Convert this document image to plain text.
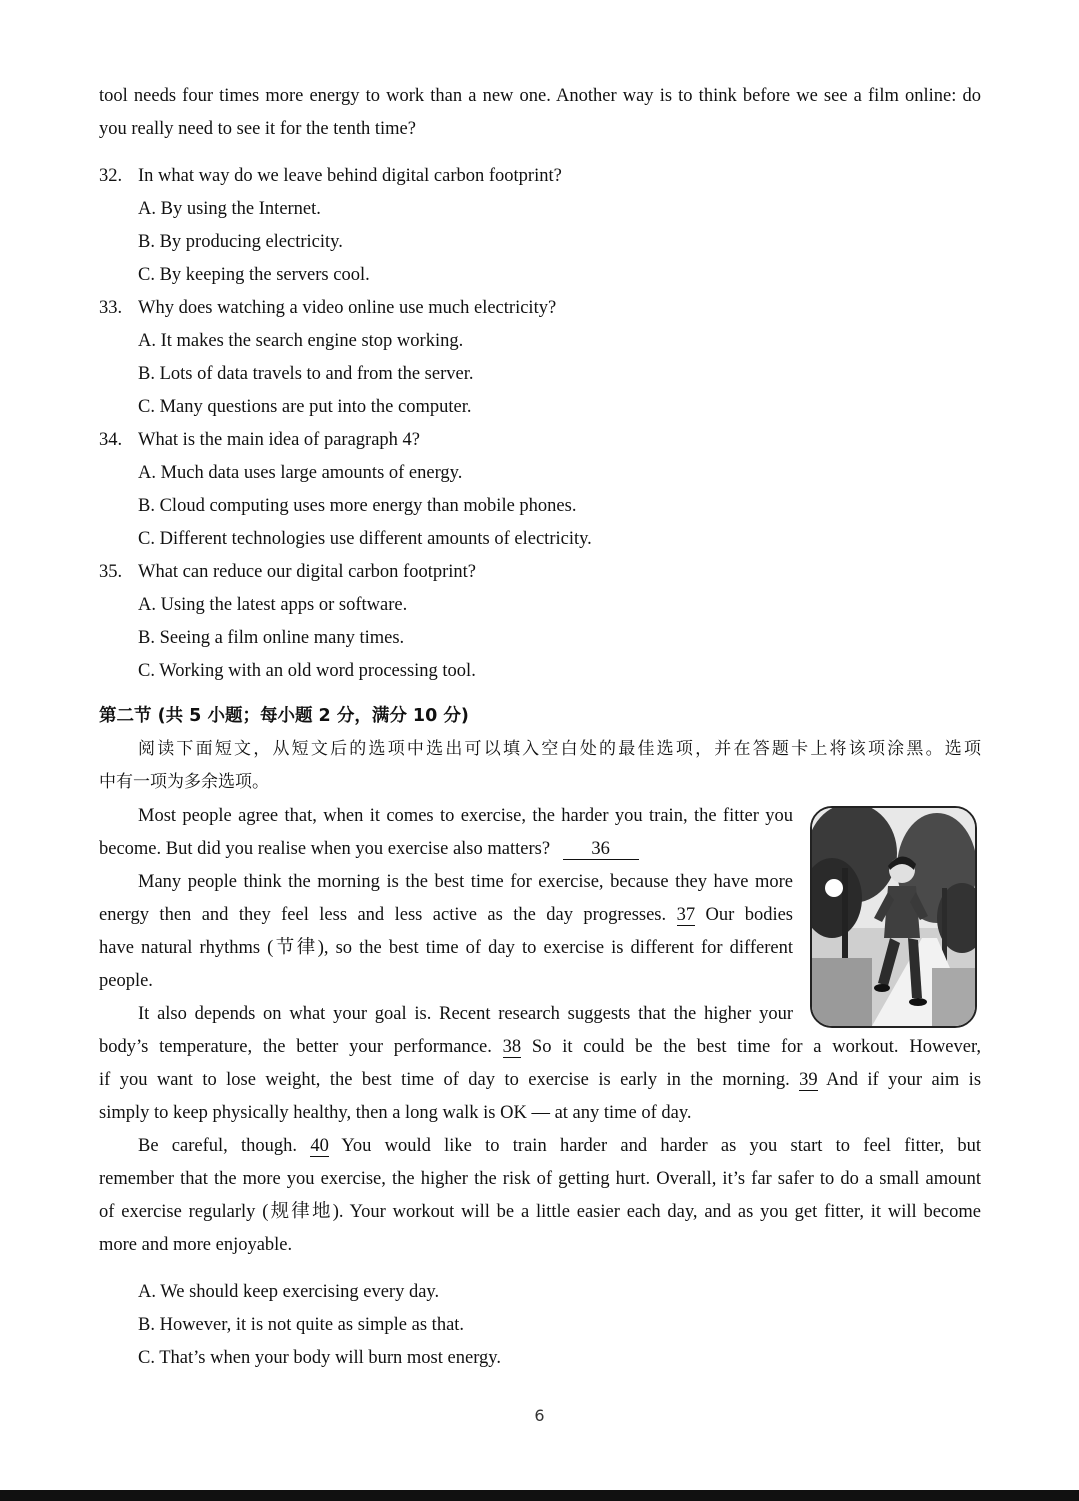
tool needs four times more energy to work than a new one. Another way is to think before we see a film online: do
you really need to see it for the tenth time?
32. In what way do we leave behind digital carbon footprint?
A. By using the Internet.
B. By producing electricity.
C. By keeping the servers cool.
33. Why does watching a video online use much electricity?
A. It makes the search engine stop working.
B. Lots of data travels to and from the server.
C. Many questions are put into the computer.
34. What is the main idea of paragraph 4?
A. Much data uses large amounts of energy.
B. Cloud computing uses more energy than mobile phones.
C. Different technologies use different amounts of electricity.
35. What can reduce our digital carbon footprint?
A. Using the latest apps or software.
B. Seeing a film online many times.
C. Working with an old word processing tool.
第二节 (共 5 小题；每小题 2 分，满分 10 分)
阅读下面短文，从短文后的选项中选出可以填入空白处的最佳选项，并在答题卡上将该项涂黑。选项
中有一项为多余选项。
Most people agree that, when it comes to exercise, the harder you train, the fitter you
become. But did you realise when you exercise also matters? 36
Many people think the morning is the best time for exercise, because they have more
energy then and they feel less and less active as the day progresses. 37 Our bodies
have natural rhythms (节律), so the best time of day to exercise is different for different
people.
It also depends on what your goal is. Recent research suggests that the higher your
body’s temperature, the better your performance. 38 So it could be the best time for a workout. However,
if you want to lose weight, the best time of day to exercise is early in the morning. 39 And if your aim is
simply to keep physically healthy, then a long walk is OK — at any time of day.
Be careful, though. 40 You would like to train harder and harder as you start to feel fitter, but
remember that the more you exercise, the higher the risk of getting hurt. Overall, it’s far safer to do a small amount
of exercise regularly (规律地). Your workout will be a little easier each day, and as you get fitter, it will become
more and more enjoyable.
A. We should keep exercising every day.
B. However, it is not quite as simple as that.
C. That’s when your body will burn most energy.
6
